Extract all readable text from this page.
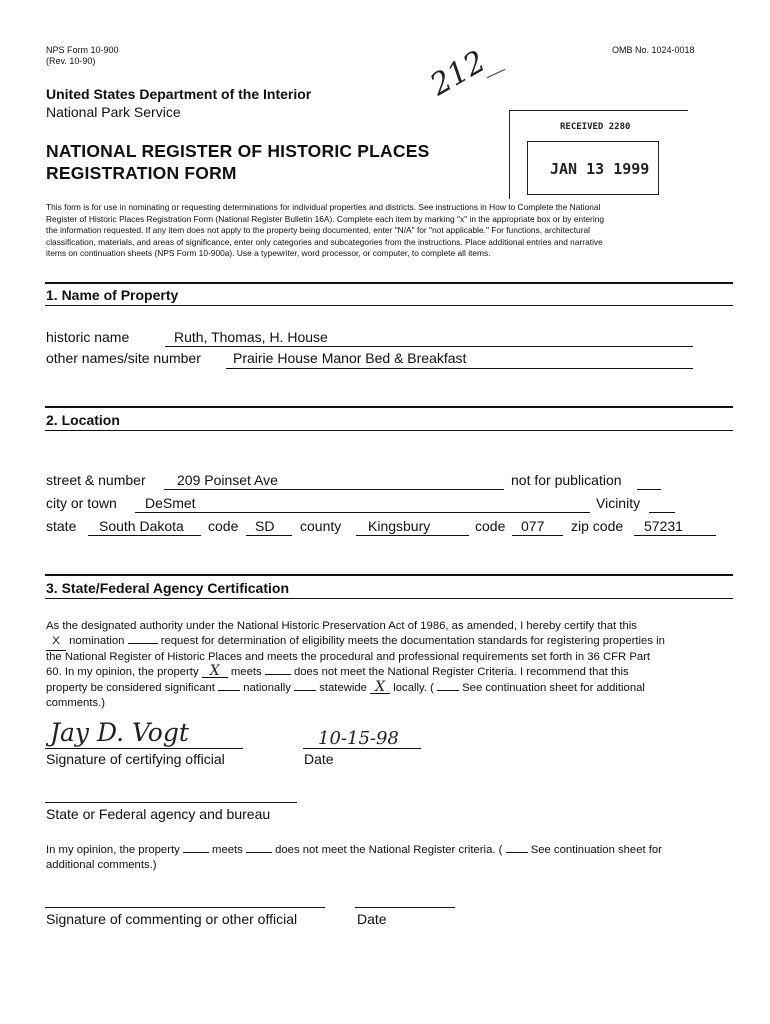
NPS Form 10-900
(Rev. 10-90)
OMB No. 1024-0018
United States Department of the Interior
National Park Service
212
NATIONAL REGISTER OF HISTORIC PLACES
REGISTRATION FORM
RECEIVED 2280
JAN 13 1999
This form is for use in nominating or requesting determinations for individual properties and districts. See instructions in How to Complete the National
Register of Historic Places Registration Form (National Register Bulletin 16A). Complete each item by marking "x" in the appropriate box or by entering
the information requested. If any item does not apply to the property being documented, enter "N/A" for "not applicable." For functions, architectural
classification, materials, and areas of significance, enter only categories and subcategories from the instructions. Place additional entries and narrative
items on continuation sheets (NPS Form 10-900a). Use a typewriter, word processor, or computer, to complete all items.
1. Name of Property
historic name	Ruth, Thomas, H. House
other names/site number Prairie House Manor Bed & Breakfast
2. Location
street & number 209 Poinset Ave	not for publication
city or town DeSmet	Vicinity
state South Dakota code SD county Kingsbury	code 077 zip code 57231
3. State/Federal Agency Certification
As the designated authority under the National Historic Preservation Act of 1986, as amended, I hereby certify that this
X nomination	request for determination of eligibility meets the documentation standards for registering properties in
the National Register of Historic Places and meets the procedural and professional requirements set forth in 36 CFR Part
60. In my opinion, the property X meets	does not meet the National Register Criteria. I recommend that this
property be considered significant	nationally	statewide X locally. (	See continuation sheet for additional
comments.)
Jay D. Vogt	10-15-98
Signature of certifying official	Date
State or Federal agency and bureau
In my opinion, the property	meets	does not meet the National Register criteria. (	See continuation sheet for
additional comments.)
Signature of commenting or other official	Date
